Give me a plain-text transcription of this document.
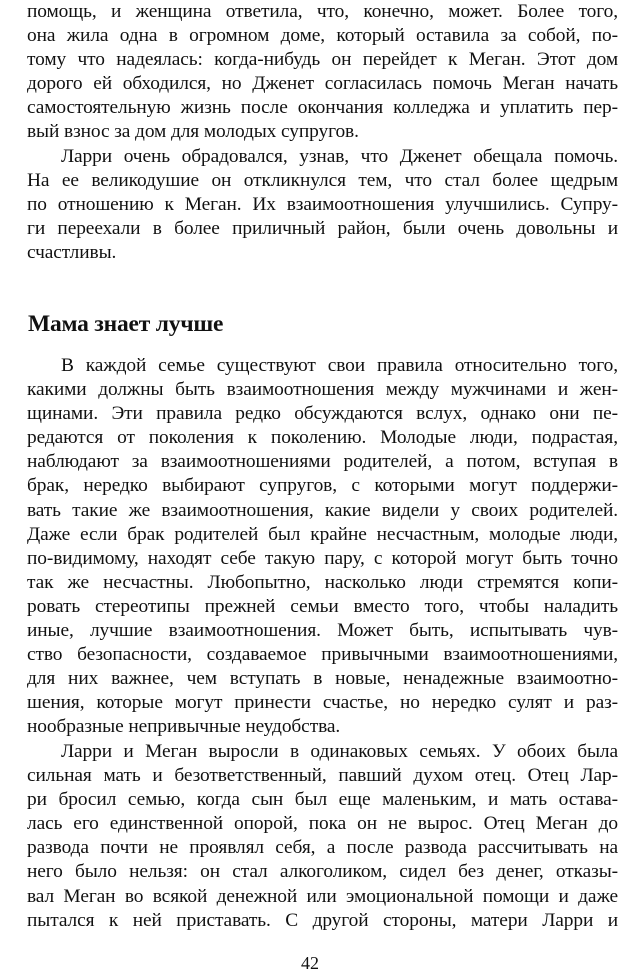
помощь, и женщина ответила, что, конечно, может. Более того,
она жила одна в огромном доме, который оставила за собой, по-
тому что надеялась: когда-нибудь он перейдет к Меган. Этот дом
дорого ей обходился, но Дженет согласилась помочь Меган начать
самостоятельную жизнь после окончания колледжа и уплатить пер-
вый взнос за дом для молодых супругов.
Ларри очень обрадовался, узнав, что Дженет обещала помочь.
На ее великодушие он откликнулся тем, что стал более щедрым
по отношению к Меган. Их взаимоотношения улучшились. Супру-
ги переехали в более приличный район, были очень довольны и
счастливы.
Мама знает лучше
В каждой семье существуют свои правила относительно того,
какими должны быть взаимоотношения между мужчинами и жен-
щинами. Эти правила редко обсуждаются вслух, однако они пе-
редаются от поколения к поколению. Молодые люди, подрастая,
наблюдают за взаимоотношениями родителей, а потом, вступая в
брак, нередко выбирают супругов, с которыми могут поддержи-
вать такие же взаимоотношения, какие видели у своих родителей.
Даже если брак родителей был крайне несчастным, молодые люди,
по-видимому, находят себе такую пару, с которой могут быть точно
так же несчастны. Любопытно, насколько люди стремятся копи-
ровать стереотипы прежней семьи вместо того, чтобы наладить
иные, лучшие взаимоотношения. Может быть, испытывать чув-
ство безопасности, создаваемое привычными взаимоотношениями,
для них важнее, чем вступать в новые, ненадежные взаимоотно-
шения, которые могут принести счастье, но нередко сулят и раз-
нообразные непривычные неудобства.
Ларри и Меган выросли в одинаковых семьях. У обоих была
сильная мать и безответственный, павший духом отец. Отец Лар-
ри бросил семью, когда сын был еще маленьким, и мать остава-
лась его единственной опорой, пока он не вырос. Отец Меган до
развода почти не проявлял себя, а после развода рассчитывать на
него было нельзя: он стал алкоголиком, сидел без денег, отказы-
вал Меган во всякой денежной или эмоциональной помощи и даже
пытался к ней приставать. С другой стороны, матери Ларри и
42
